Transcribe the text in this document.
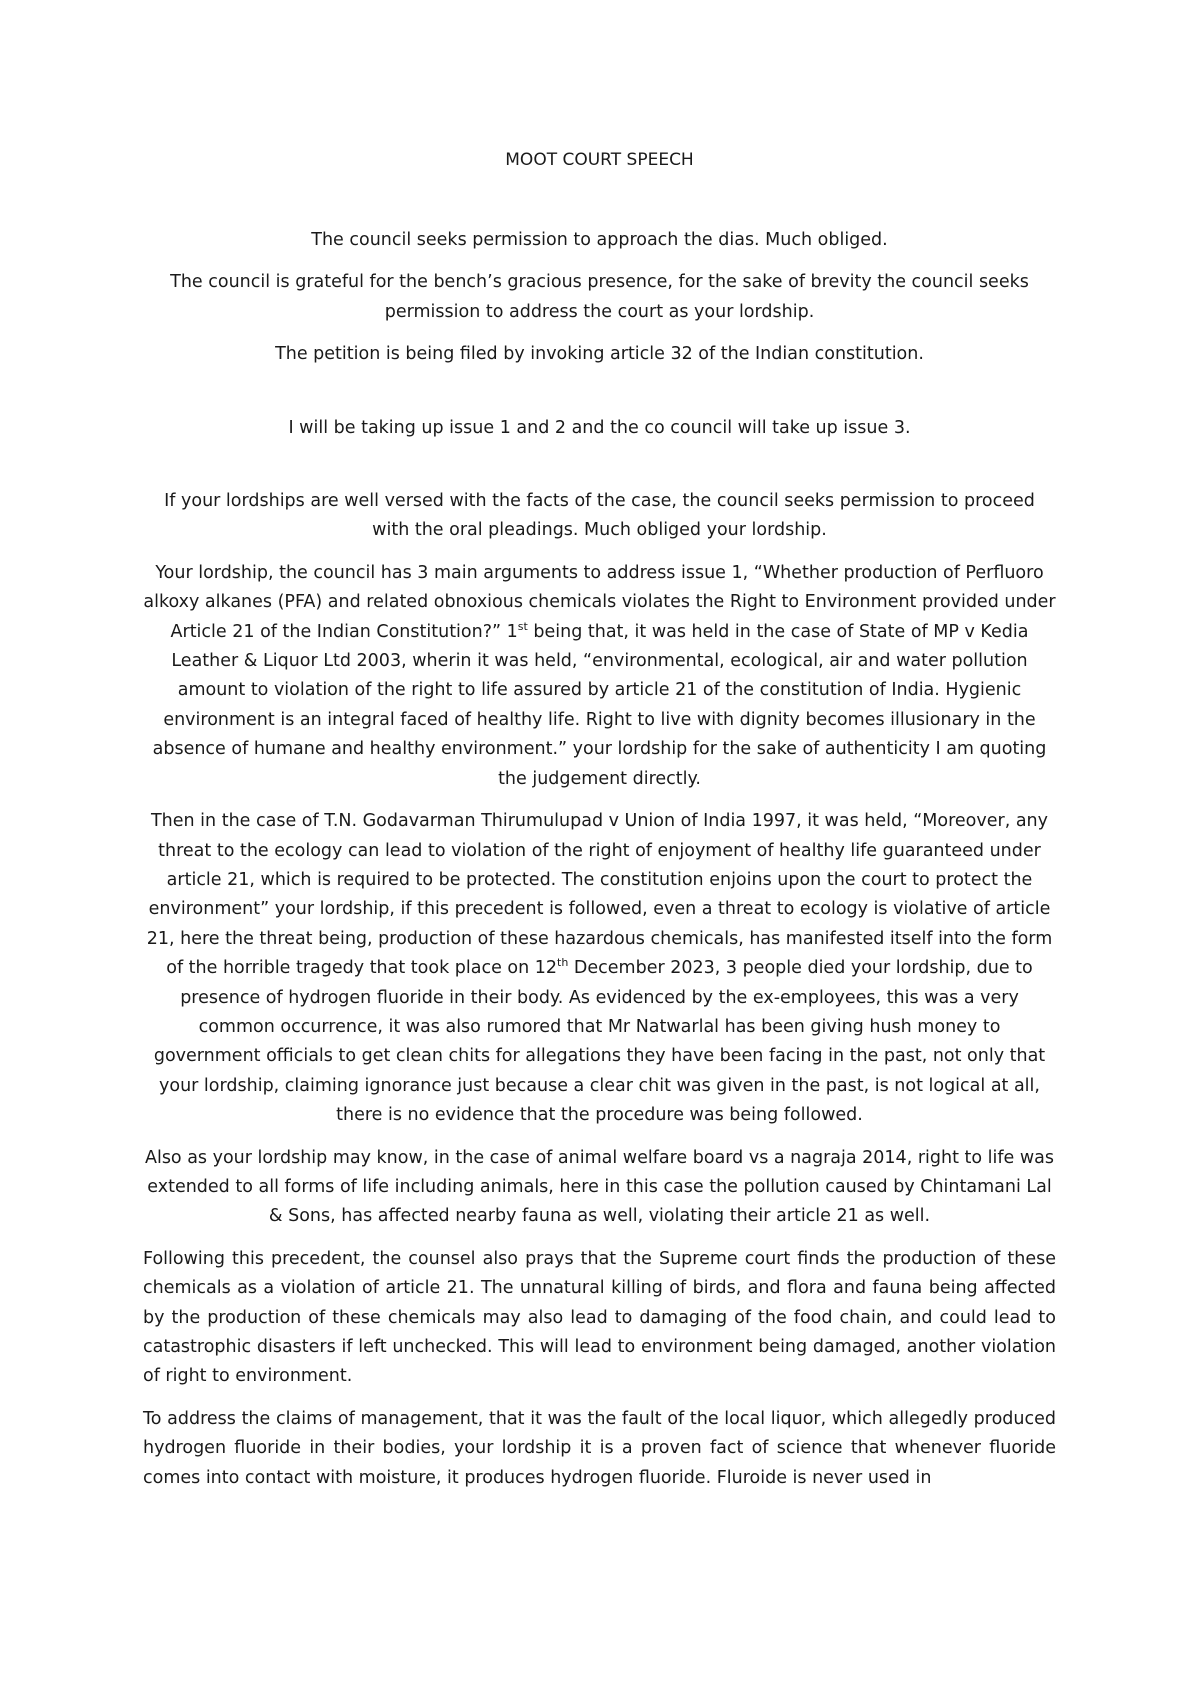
MOOT COURT SPEECH

The council seeks permission to approach the dias. Much obliged.

The council is grateful for the bench’s gracious presence, for the sake of brevity the council seeks permission to address the court as your lordship.

The petition is being filed by invoking article 32 of the Indian constitution.

I will be taking up issue 1 and 2 and the co council will take up issue 3.

If your lordships are well versed with the facts of the case, the council seeks permission to proceed with the oral pleadings. Much obliged your lordship.

Your lordship, the council has 3 main arguments to address issue 1, “Whether production of Perfluoro alkoxy alkanes (PFA) and related obnoxious chemicals violates the Right to Environment provided under Article 21 of the Indian Constitution?” 1st being that, it was held in the case of State of MP v Kedia Leather & Liquor Ltd 2003, wherin it was held, “environmental, ecological, air and water pollution amount to violation of the right to life assured by article 21 of the constitution of India. Hygienic environment is an integral faced of healthy life. Right to live with dignity becomes illusionary in the absence of humane and healthy environment.” your lordship for the sake of authenticity I am quoting the judgement directly.

Then in the case of T.N. Godavarman Thirumulupad v Union of India 1997, it was held, “Moreover, any threat to the ecology can lead to violation of the right of enjoyment of healthy life guaranteed under article 21, which is required to be protected. The constitution enjoins upon the court to protect the environment” your lordship, if this precedent is followed, even a threat to ecology is violative of article 21, here the threat being, production of these hazardous chemicals, has manifested itself into the form of the horrible tragedy that took place on 12th December 2023, 3 people died your lordship, due to presence of hydrogen fluoride in their body. As evidenced by the ex-employees, this was a very common occurrence, it was also rumored that Mr Natwarlal has been giving hush money to government officials to get clean chits for allegations they have been facing in the past, not only that your lordship, claiming ignorance just because a clear chit was given in the past, is not logical at all, there is no evidence that the procedure was being followed.

Also as your lordship may know, in the case of animal welfare board vs a nagraja 2014, right to life was extended to all forms of life including animals, here in this case the pollution caused by Chintamani Lal & Sons, has affected nearby fauna as well, violating their article 21 as well.

Following this precedent, the counsel also prays that the Supreme court finds the production of these chemicals as a violation of article 21. The unnatural killing of birds, and flora and fauna being affected by the production of these chemicals may also lead to damaging of the food chain, and could lead to catastrophic disasters if left unchecked. This will lead to environment being damaged, another violation of right to environment.

To address the claims of management, that it was the fault of the local liquor, which allegedly produced hydrogen fluoride in their bodies, your lordship it is a proven fact of science that whenever fluoride comes into contact with moisture, it produces hydrogen fluoride. Fluroide is never used in
